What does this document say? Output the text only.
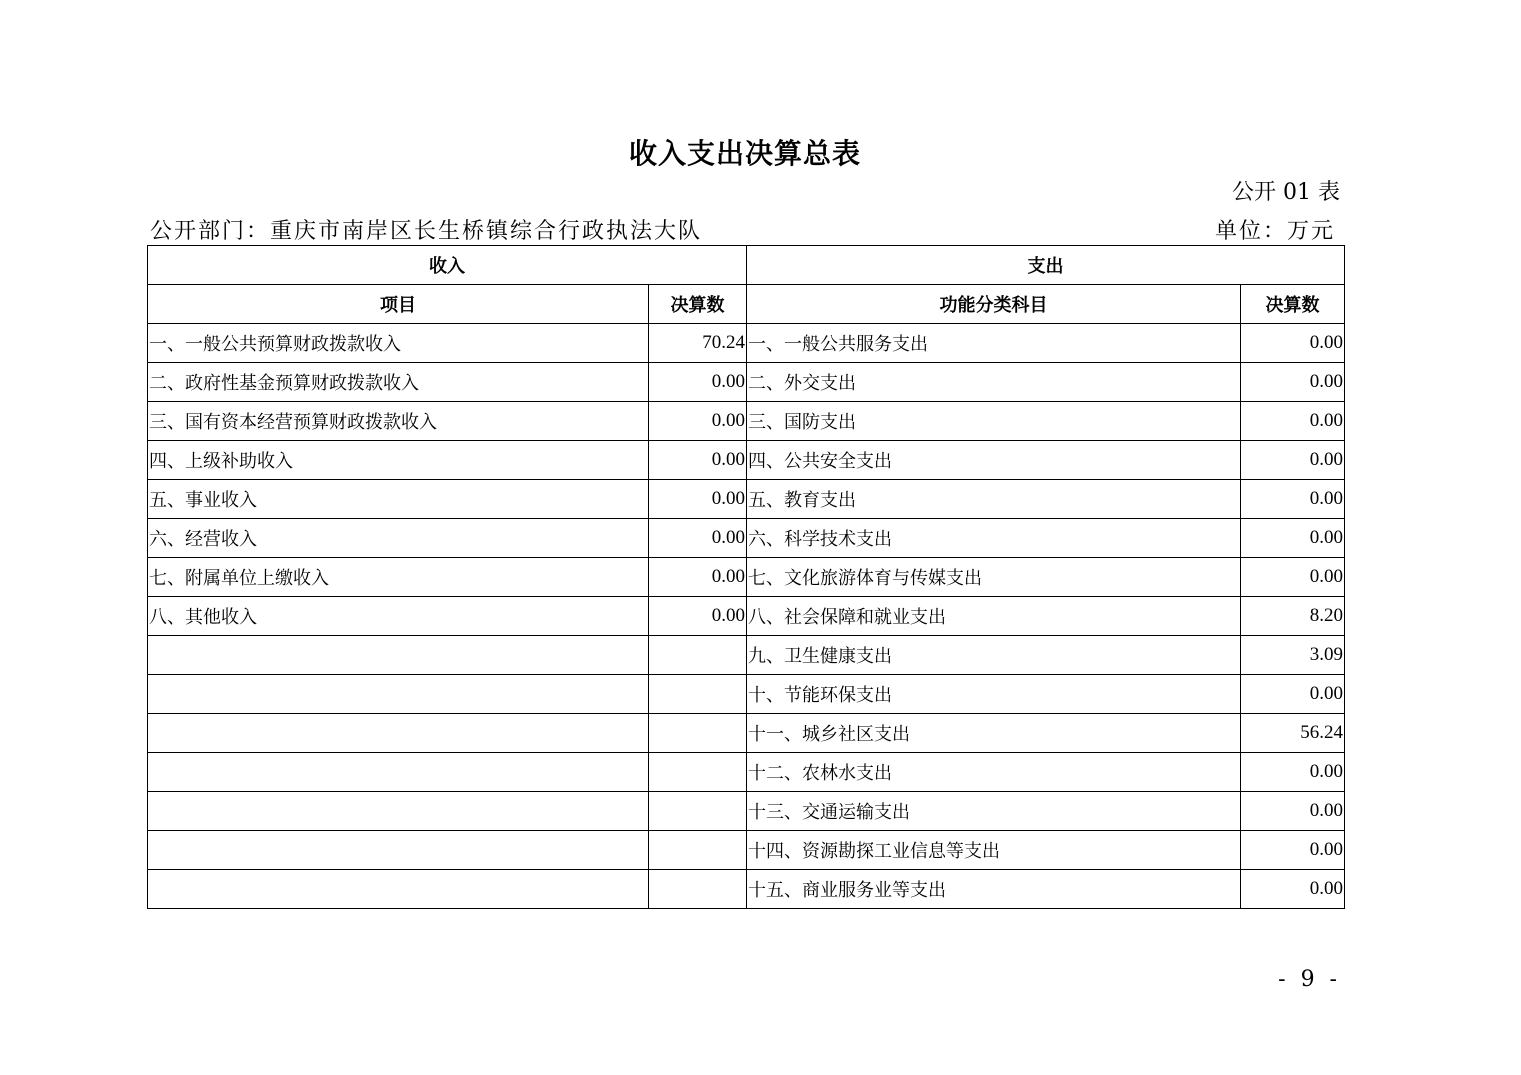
收入支出决算总表
公开 01 表
公开部门：重庆市南岸区长生桥镇综合行政执法大队	单位：万元
收入		支出	
项目	决算数	功能分类科目	决算数
一、一般公共预算财政拨款收入	70.24	一、一般公共服务支出	0.00
二、政府性基金预算财政拨款收入	0.00	二、外交支出	0.00
三、国有资本经营预算财政拨款收入	0.00	三、国防支出	0.00
四、上级补助收入	0.00	四、公共安全支出	0.00
五、事业收入	0.00	五、教育支出	0.00
六、经营收入	0.00	六、科学技术支出	0.00
七、附属单位上缴收入	0.00	七、文化旅游体育与传媒支出	0.00
八、其他收入	0.00	八、社会保障和就业支出	8.20
		九、卫生健康支出	3.09
		十、节能环保支出	0.00
		十一、城乡社区支出	56.24
		十二、农林水支出	0.00
		十三、交通运输支出	0.00
		十四、资源勘探工业信息等支出	0.00
		十五、商业服务业等支出	0.00
- 9 -
